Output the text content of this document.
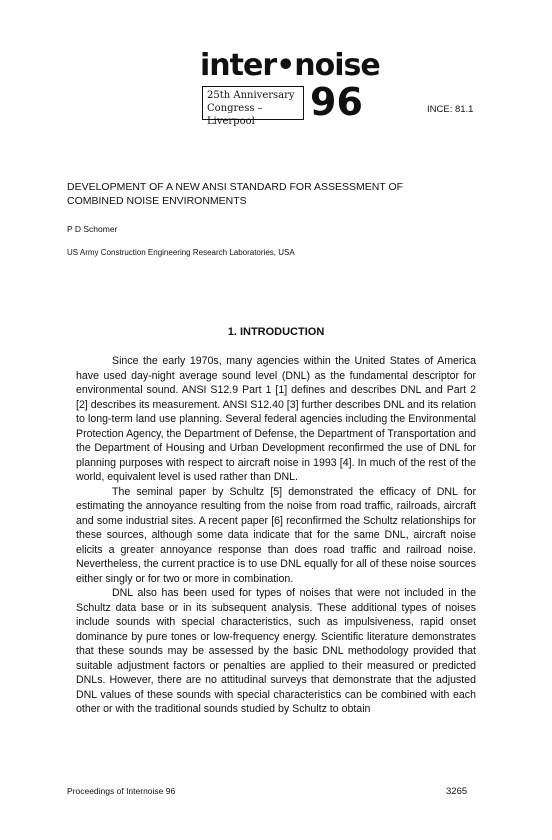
inter•noise
25th Anniversary
Congress – Liverpool	96	INCE: 81.1
DEVELOPMENT OF A NEW ANSI STANDARD FOR ASSESSMENT OF
COMBINED NOISE ENVIRONMENTS
P D Schomer
US Army Construction Engineering Research Laboratories, USA
1. INTRODUCTION

Since the early 1970s, many agencies within the United States of America have used day-night average sound level (DNL) as the fundamental descriptor for environmental sound. ANSI S12.9 Part 1 [1] defines and describes DNL and Part 2 [2] describes its measurement. ANSI S12.40 [3] further describes DNL and its relation to long-term land use planning. Several federal agencies including the Environmental Protection Agency, the Department of Defense, the Department of Transportation and the Department of Housing and Urban Development reconfirmed the use of DNL for planning purposes with respect to aircraft noise in 1993 [4]. In much of the rest of the world, equivalent level is used rather than DNL.

The seminal paper by Schultz [5] demonstrated the efficacy of DNL for estimating the annoyance resulting from the noise from road traffic, railroads, aircraft and some industrial sites. A recent paper [6] reconfirmed the Schultz relationships for these sources, although some data indicate that for the same DNL, aircraft noise elicits a greater annoyance response than does road traffic and railroad noise. Nevertheless, the current practice is to use DNL equally for all of these noise sources either singly or for two or more in combination.

DNL also has been used for types of noises that were not included in the Schultz data base or in its subsequent analysis. These additional types of noises include sounds with special characteristics, such as impulsiveness, rapid onset dominance by pure tones or low-frequency energy. Scientific literature demonstrates that these sounds may be assessed by the basic DNL methodology provided that suitable adjustment factors or penalties are applied to their measured or predicted DNLs. However, there are no attitudinal surveys that demonstrate that the adjusted DNL values of these sounds with special characteristics can be combined with each other or with the traditional sounds studied by Schultz to obtain

Proceedings of Internoise 96	3265
